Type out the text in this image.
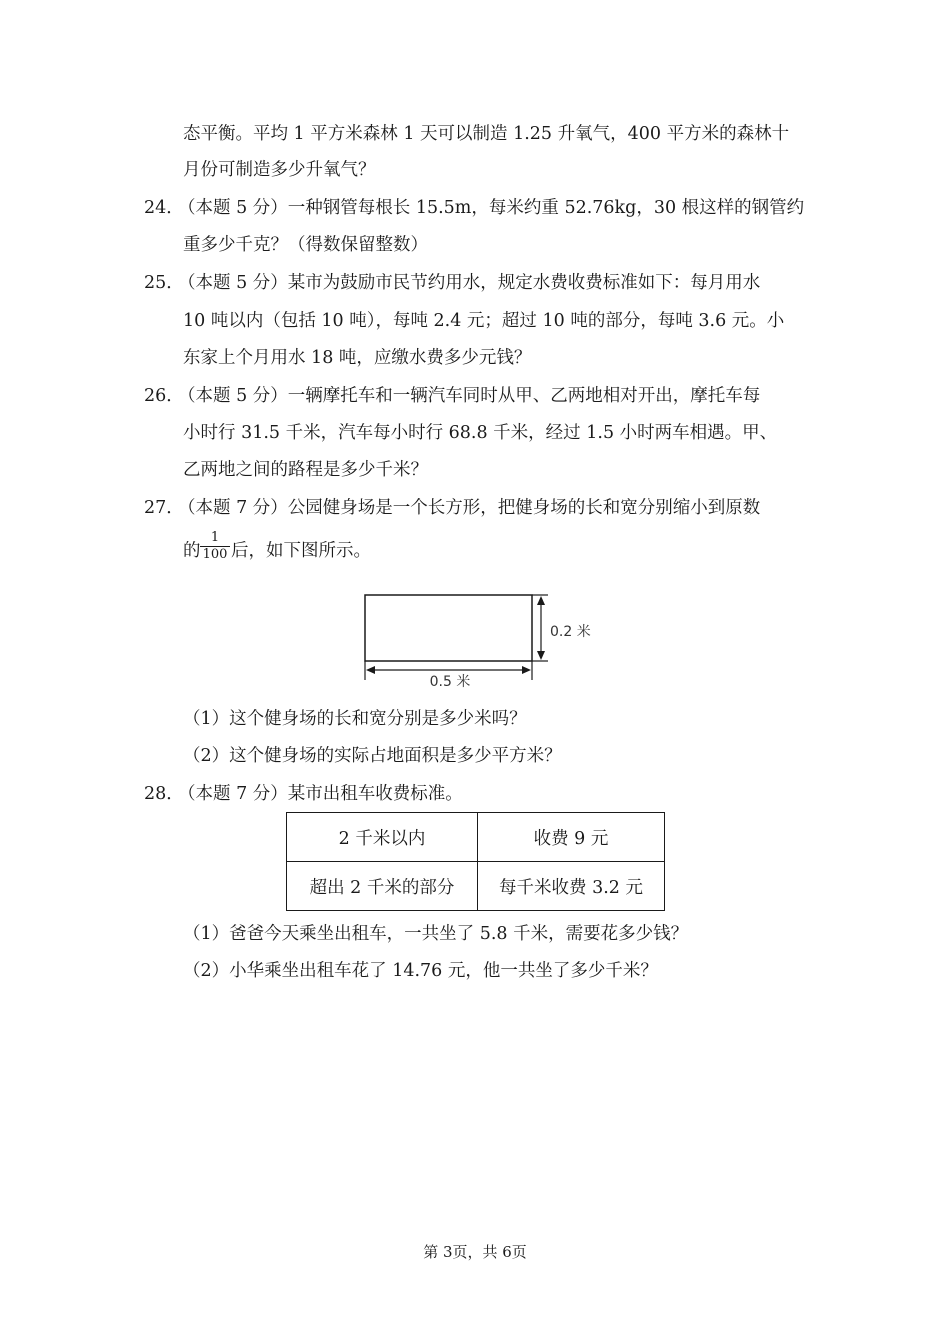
态平衡。平均 1 平方米森林 1 天可以制造 1.25 升氧气，400 平方米的森林十
月份可制造多少升氧气？
24．
（本题 5 分）一种钢管每根长 15.5m，每米约重 52.76kg，30 根这样的钢管约
重多少千克？（得数保留整数）
25．
（本题 5 分）某市为鼓励市民节约用水，规定水费收费标准如下：每月用水
10 吨以内（包括 10 吨），每吨 2.4 元；超过 10 吨的部分，每吨 3.6 元。小
东家上个月用水 18 吨，应缴水费多少元钱？
26．
（本题 5 分）一辆摩托车和一辆汽车同时从甲、乙两地相对开出，摩托车每
小时行 31.5 千米，汽车每小时行 68.8 千米，经过 1.5 小时两车相遇。甲、
乙两地之间的路程是多少千米？
27．
（本题 7 分）公园健身场是一个长方形，把健身场的长和宽分别缩小到原数
的
1
100 后，如下图所示。
0.5 米
0.2 米
（1）这个健身场的长和宽分别是多少米吗？
（2）这个健身场的实际占地面积是多少平方米？
28．
（本题 7 分）某市出租车收费标准。
2 千米以内	收费 9 元
超出 2 千米的部分	每千米收费 3.2 元
（1）爸爸今天乘坐出租车，一共坐了 5.8 千米，需要花多少钱？
（2）小华乘坐出租车花了 14.76 元，他一共坐了多少千米？
第 3页，共 6页
